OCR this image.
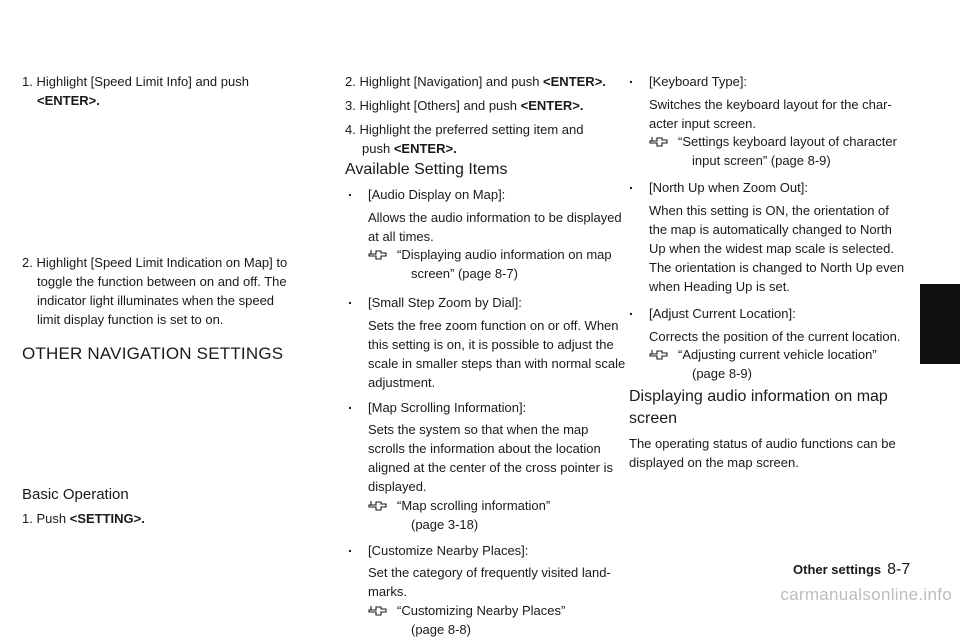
1. Highlight [Speed Limit Info] and push
<ENTER>.
2. Highlight [Speed Limit Indication on Map] to
toggle the function between on and off. The
indicator light illuminates when the speed
limit display function is set to on.
OTHER NAVIGATION SETTINGS
Basic Operation
1. Push <SETTING>.
2. Highlight [Navigation] and push <ENTER>.
3. Highlight [Others] and push <ENTER>.
4. Highlight the preferred setting item and
push <ENTER>.
Available Setting Items
. [Audio Display on Map]:
Allows the audio information to be displayed
at all times.
“Displaying audio information on map
screen” (page 8-7)
. [Small Step Zoom by Dial]:
Sets the free zoom function on or off. When
this setting is on, it is possible to adjust the
scale in smaller steps than with normal scale
adjustment.
. [Map Scrolling Information]:
Sets the system so that when the map
scrolls the information about the location
aligned at the center of the cross pointer is
displayed.
“Map scrolling information”
(page 3-18)
. [Customize Nearby Places]:
Set the category of frequently visited land-
marks.
“Customizing Nearby Places”
(page 8-8)
. [Keyboard Type]:
Switches the keyboard layout for the char-
acter input screen.
“Settings keyboard layout of character
input screen” (page 8-9)
. [North Up when Zoom Out]:
When this setting is ON, the orientation of
the map is automatically changed to North
Up when the widest map scale is selected.
The orientation is changed to North Up even
when Heading Up is set.
. [Adjust Current Location]:
Corrects the position of the current location.
“Adjusting current vehicle location”
(page 8-9)
Displaying audio information on map
screen
The operating status of audio functions can be
displayed on the map screen.
Other settings 8-7
carmanualsonline.info
